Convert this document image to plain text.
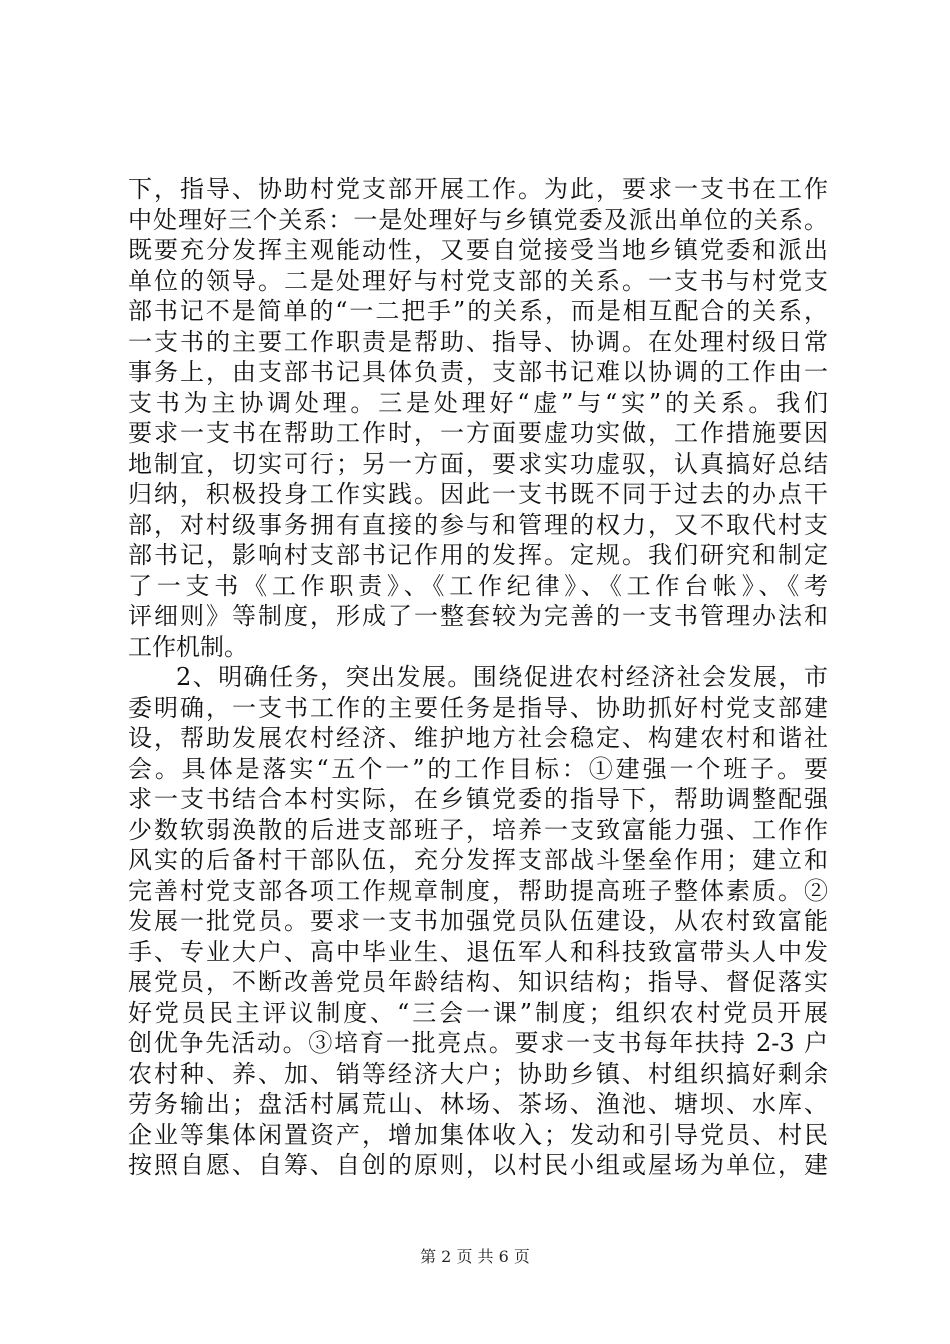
下，指导、协助村党支部开展工作。为此，要求一支书在工作
中处理好三个关系：一是处理好与乡镇党委及派出单位的关系。
既要充分发挥主观能动性，又要自觉接受当地乡镇党委和派出
单位的领导。二是处理好与村党支部的关系。一支书与村党支
部书记不是简单的“一二把手”的关系，而是相互配合的关系，
一支书的主要工作职责是帮助、指导、协调。在处理村级日常
事务上，由支部书记具体负责，支部书记难以协调的工作由一
支书为主协调处理。三是处理好“虚”与“实”的关系。我们
要求一支书在帮助工作时，一方面要虚功实做，工作措施要因
地制宜，切实可行；另一方面，要求实功虚驭，认真搞好总结
归纳，积极投身工作实践。因此一支书既不同于过去的办点干
部，对村级事务拥有直接的参与和管理的权力，又不取代村支
部书记，影响村支部书记作用的发挥。定规。我们研究和制定
了一支书《工作职责》、《工作纪律》、《工作台帐》、《考
评细则》等制度，形成了一整套较为完善的一支书管理办法和
工作机制。
2、明确任务，突出发展。围绕促进农村经济社会发展，市
委明确，一支书工作的主要任务是指导、协助抓好村党支部建
设，帮助发展农村经济、维护地方社会稳定、构建农村和谐社
会。具体是落实“五个一”的工作目标：①建强一个班子。要
求一支书结合本村实际，在乡镇党委的指导下，帮助调整配强
少数软弱涣散的后进支部班子，培养一支致富能力强、工作作
风实的后备村干部队伍，充分发挥支部战斗堡垒作用；建立和
完善村党支部各项工作规章制度，帮助提高班子整体素质。②
发展一批党员。要求一支书加强党员队伍建设，从农村致富能
手、专业大户、高中毕业生、退伍军人和科技致富带头人中发
展党员，不断改善党员年龄结构、知识结构；指导、督促落实
好党员民主评议制度、“三会一课”制度；组织农村党员开展
创优争先活动。③培育一批亮点。要求一支书每年扶持 2-3 户
农村种、养、加、销等经济大户；协助乡镇、村组织搞好剩余
劳务输出；盘活村属荒山、林场、茶场、渔池、塘坝、水库、
企业等集体闲置资产，增加集体收入；发动和引导党员、村民
按照自愿、自筹、自创的原则，以村民小组或屋场为单位，建
第 2 页 共 6 页
